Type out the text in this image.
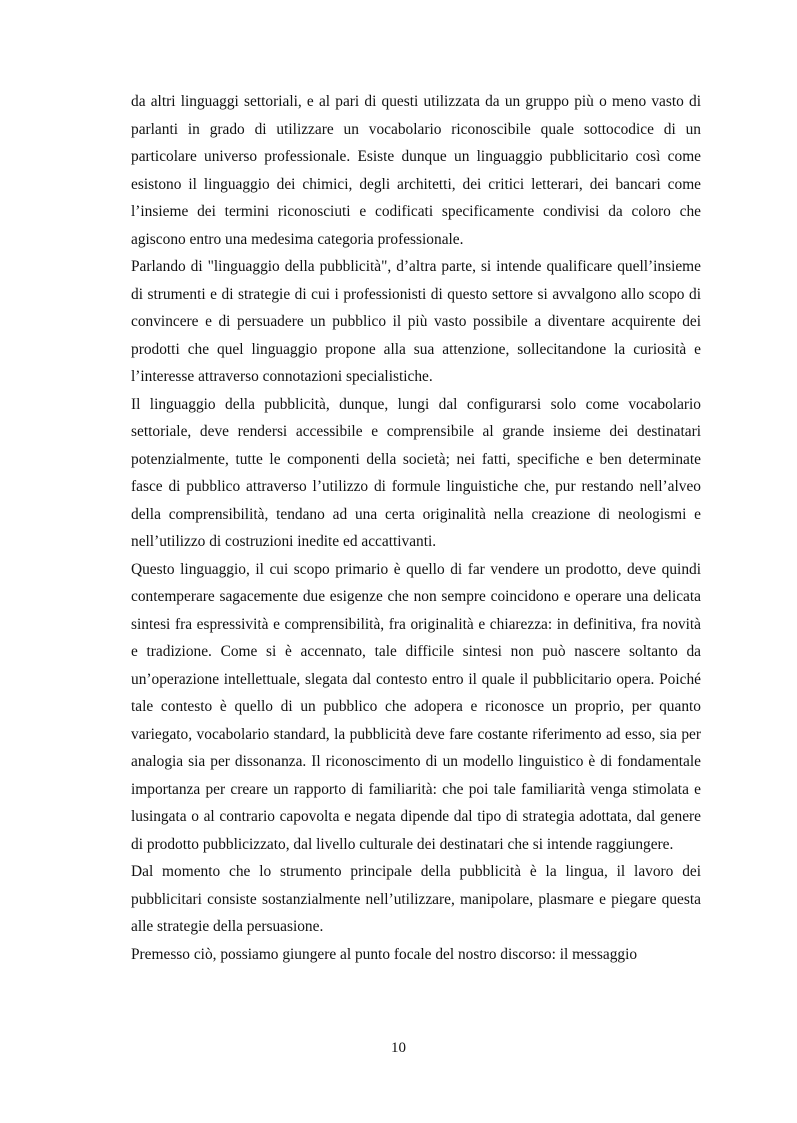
da altri linguaggi settoriali, e al pari di questi utilizzata da un gruppo più o meno vasto di parlanti in grado di utilizzare un vocabolario riconoscibile quale sottocodice di un particolare universo professionale. Esiste dunque un linguaggio pubblicitario così come esistono il linguaggio dei chimici, degli architetti, dei critici letterari, dei bancari come l’insieme dei termini riconosciuti e codificati specificamente condivisi da coloro che agiscono entro una medesima categoria professionale.

Parlando di "linguaggio della pubblicità", d’altra parte, si intende qualificare quell’insieme di strumenti e di strategie di cui i professionisti di questo settore si avvalgono allo scopo di convincere e di persuadere un pubblico il più vasto possibile a diventare acquirente dei prodotti che quel linguaggio propone alla sua attenzione, sollecitandone la curiosità e l’interesse attraverso connotazioni specialistiche.

Il linguaggio della pubblicità, dunque, lungi dal configurarsi solo come vocabolario settoriale, deve rendersi accessibile e comprensibile al grande insieme dei destinatari potenzialmente, tutte le componenti della società; nei fatti, specifiche e ben determinate fasce di pubblico attraverso l’utilizzo di formule linguistiche che, pur restando nell’alveo della comprensibilità, tendano ad una certa originalità nella creazione di neologismi e nell’utilizzo di costruzioni inedite ed accattivanti.

Questo linguaggio, il cui scopo primario è quello di far vendere un prodotto, deve quindi contemperare sagacemente due esigenze che non sempre coincidono e operare una delicata sintesi fra espressività e comprensibilità, fra originalità e chiarezza: in definitiva, fra novità e tradizione. Come si è accennato, tale difficile sintesi non può nascere soltanto da un’operazione intellettuale, slegata dal contesto entro il quale il pubblicitario opera. Poiché tale contesto è quello di un pubblico che adopera e riconosce un proprio, per quanto variegato, vocabolario standard, la pubblicità deve fare costante riferimento ad esso, sia per analogia sia per dissonanza. Il riconoscimento di un modello linguistico è di fondamentale importanza per creare un rapporto di familiarità: che poi tale familiarità venga stimolata e lusingata o al contrario capovolta e negata dipende dal tipo di strategia adottata, dal genere di prodotto pubblicizzato, dal livello culturale dei destinatari che si intende raggiungere.

Dal momento che lo strumento principale della pubblicità è la lingua, il lavoro dei pubblicitari consiste sostanzialmente nell’utilizzare, manipolare, plasmare e piegare questa alle strategie della persuasione.

Premesso ciò, possiamo giungere al punto focale del nostro discorso: il messaggio

10
